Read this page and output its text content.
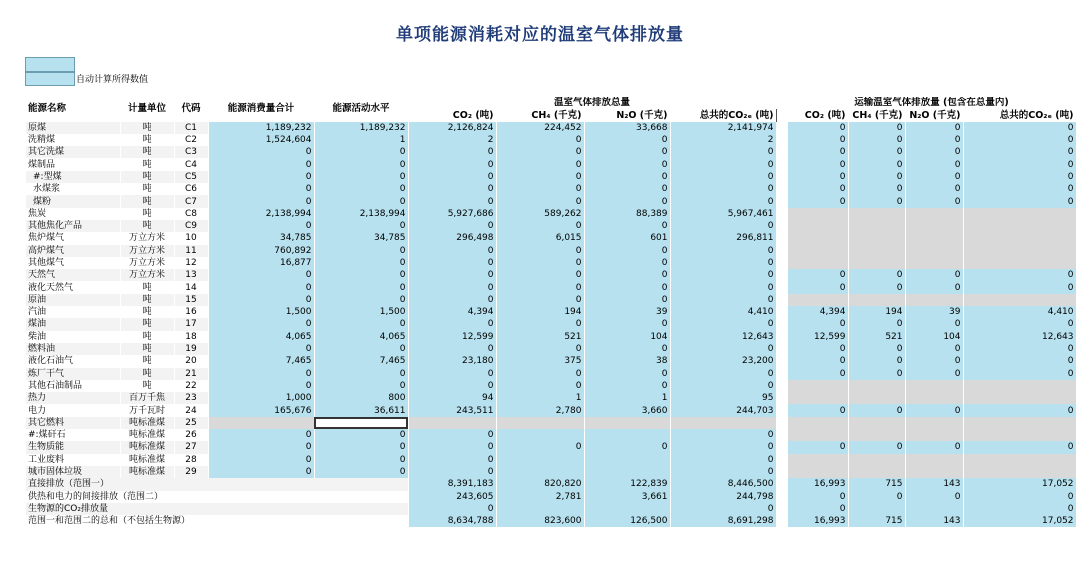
单项能源消耗对应的温室气体排放量
自动计算所得数值
能源名称	计量单位	代码	能源消费量合计	能源活动水平	温室气体排放总量					运输温室气体排放量 (包含在总量内)			
					CO₂ (吨)	CH₄ (千克)	N₂O (千克)	总共的CO₂ₑ (吨)		CO₂ (吨)	CH₄ (千克)	N₂O (千克)	总共的CO₂ₑ (吨)
原煤	吨	C1	1,189,232	1,189,232	2,126,824	224,452	33,668	2,141,974		0	0	0	0
洗精煤	吨	C2	1,524,604	1	2	0	0	2		0	0	0	0
其它洗煤	吨	C3	0	0	0	0	0	0		0	0	0	0
煤制品	吨	C4	0	0	0	0	0	0		0	0	0	0
#:型煤	吨	C5	0	0	0	0	0	0		0	0	0	0
水煤浆	吨	C6	0	0	0	0	0	0		0	0	0	0
煤粉	吨	C7	0	0	0	0	0	0		0	0	0	0
焦炭	吨	C8	2,138,994	2,138,994	5,927,686	589,262	88,389	5,967,461					
其他焦化产品	吨	C9	0	0	0	0	0	0					
焦炉煤气	万立方米	10	34,785	34,785	296,498	6,015	601	296,811					
高炉煤气	万立方米	11	760,892	0	0	0	0	0					
其他煤气	万立方米	12	16,877	0	0	0	0	0					
天然气	万立方米	13	0	0	0	0	0	0		0	0	0	0
液化天然气	吨	14	0	0	0	0	0	0		0	0	0	0
原油	吨	15	0	0	0	0	0	0					
汽油	吨	16	1,500	1,500	4,394	194	39	4,410		4,394	194	39	4,410
煤油	吨	17	0	0	0	0	0	0		0	0	0	0
柴油	吨	18	4,065	4,065	12,599	521	104	12,643		12,599	521	104	12,643
燃料油	吨	19	0	0	0	0	0	0		0	0	0	0
液化石油气	吨	20	7,465	7,465	23,180	375	38	23,200		0	0	0	0
炼厂干气	吨	21	0	0	0	0	0	0		0	0	0	0
其他石油制品	吨	22	0	0	0	0	0	0					
热力	百万千焦	23	1,000	800	94	1	1	95					
电力	万千瓦时	24	165,676	36,611	243,511	2,780	3,660	244,703		0	0	0	0
其它燃料	吨标准煤	25											
#:煤矸石	吨标准煤	26	0	0	0			0					
生物质能	吨标准煤	27	0	0	0	0	0	0		0	0	0	0
工业废料	吨标准煤	28	0	0	0			0					
城市固体垃圾	吨标准煤	29	0	0	0			0					
直接排放（范围一）					8,391,183	820,820	122,839	8,446,500		16,993	715	143	17,052
供热和电力的间接排放（范围二）					243,605	2,781	3,661	244,798		0	0	0	0
生物源的CO₂排放量					0			0		0			0
范围一和范围二的总和（不包括生物源）					8,634,788	823,600	126,500	8,691,298		16,993	715	143	17,052
